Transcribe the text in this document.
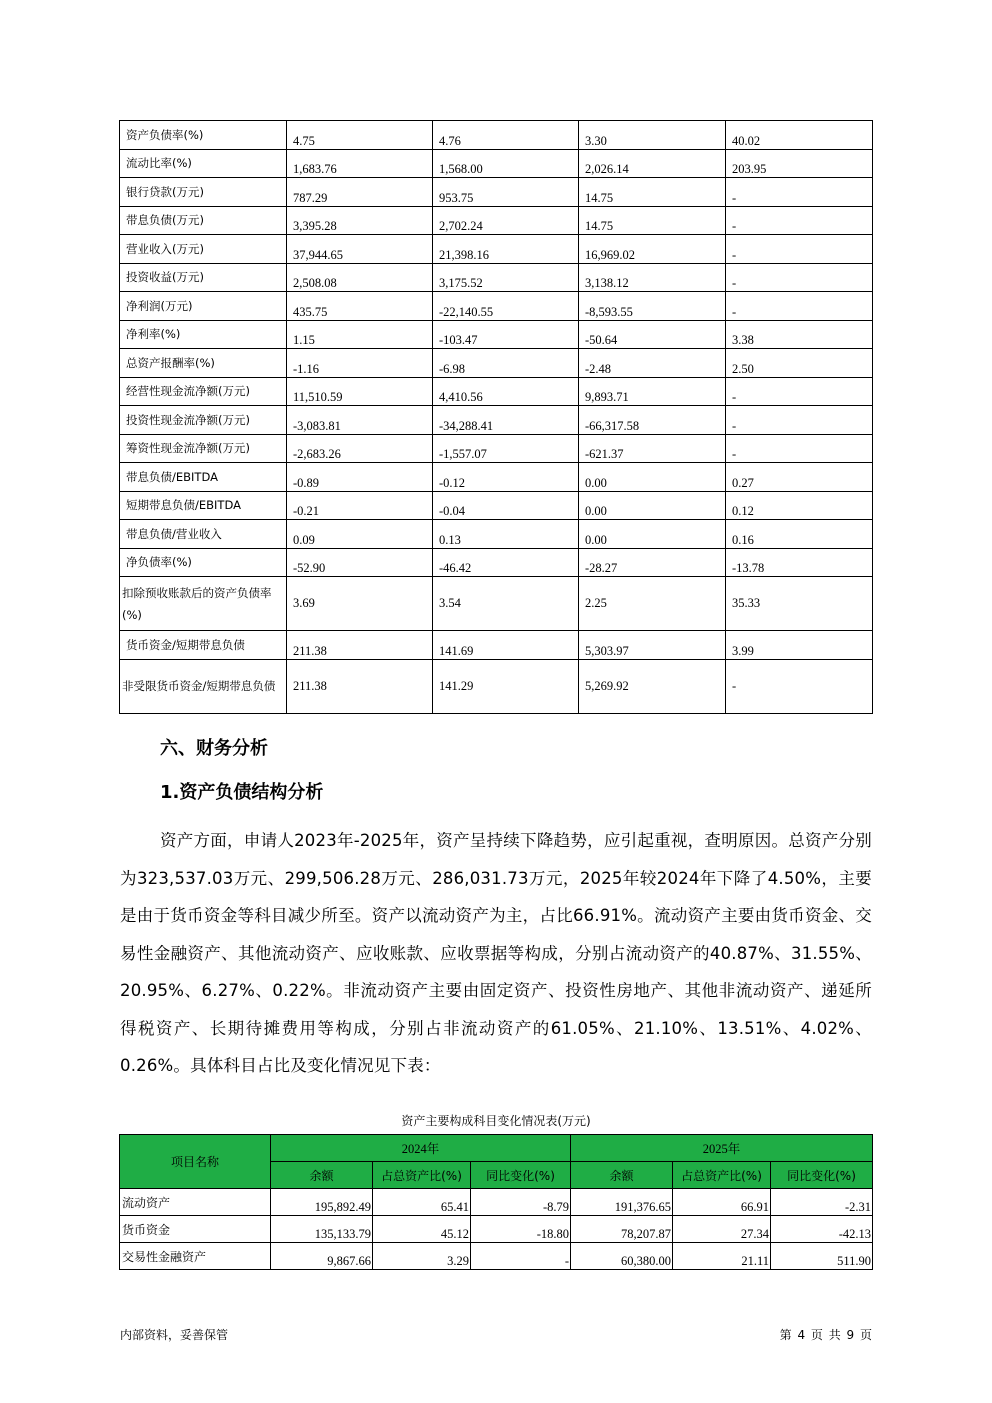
资产负债率(%)	4.75	4.76	3.30	40.02
流动比率(%)	1,683.76	1,568.00	2,026.14	203.95
银行贷款(万元)	787.29	953.75	14.75	-
带息负债(万元)	3,395.28	2,702.24	14.75	-
营业收入(万元)	37,944.65	21,398.16	16,969.02	-
投资收益(万元)	2,508.08	3,175.52	3,138.12	-
净利润(万元)	435.75	-22,140.55	-8,593.55	-
净利率(%)	1.15	-103.47	-50.64	3.38
总资产报酬率(%)	-1.16	-6.98	-2.48	2.50
经营性现金流净额(万元)	11,510.59	4,410.56	9,893.71	-
投资性现金流净额(万元)	-3,083.81	-34,288.41	-66,317.58	-
筹资性现金流净额(万元)	-2,683.26	-1,557.07	-621.37	-
带息负债/EBITDA	-0.89	-0.12	0.00	0.27
短期带息负债/EBITDA	-0.21	-0.04	0.00	0.12
带息负债/营业收入	0.09	0.13	0.00	0.16
净负债率(%)	-52.90	-46.42	-28.27	-13.78
扣除预收账款后的资产负债率(%)	3.69	3.54	2.25	35.33
货币资金/短期带息负债	211.38	141.69	5,303.97	3.99
非受限货币资金/短期带息负债	211.38	141.29	5,269.92	-
六、财务分析
1.资产负债结构分析
资产方面，申请人2023年-2025年，资产呈持续下降趋势，应引起重视，查明原因。总资产分别为323,537.03万元、299,506.28万元、286,031.73万元，2025年较2024年下降了4.50%，主要是由于货币资金等科目减少所至。资产以流动资产为主，占比66.91%。流动资产主要由货币资金、交易性金融资产、其他流动资产、应收账款、应收票据等构成，分别占流动资产的40.87%、31.55%、20.95%、6.27%、0.22%。非流动资产主要由固定资产、投资性房地产、其他非流动资产、递延所得税资产、长期待摊费用等构成，分别占非流动资产的61.05%、21.10%、13.51%、4.02%、0.26%。具体科目占比及变化情况见下表：
资产主要构成科目变化情况表(万元)
项目名称	2024年			2025年		
	余额	占总资产比(%)	同比变化(%)	余额	占总资产比(%)	同比变化(%)
流动资产	195,892.49	65.41	-8.79	191,376.65	66.91	-2.31
货币资金	135,133.79	45.12	-18.80	78,207.87	27.34	-42.13
交易性金融资产	9,867.66	3.29	-	60,380.00	21.11	511.90
内部资料，妥善保管	第 4 页 共 9 页
